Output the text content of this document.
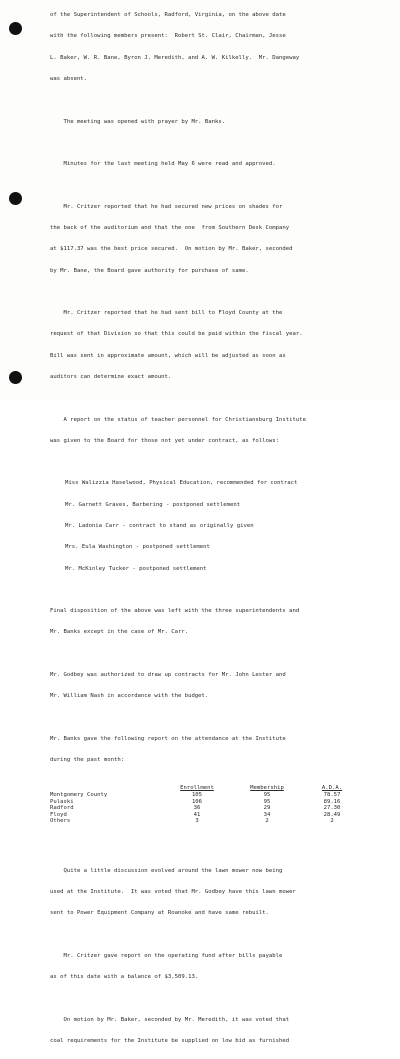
of the Superintendent of Schools, Radford, Virginia, on the above date

with the following members present:  Robert St. Clair, Chairman, Jesse

L. Baker, W. R. Bane, Byron J. Meredith, and A. W. Kilkelly.  Mr. Dangeway

was absent.

The meeting was opened with prayer by Mr. Banks.

Minutes for the last meeting held May 6 were read and approved.

Mr. Critzer reported that he had secured new prices on shades for

the back of the auditorium and that the one  from Southern Desk Company

at $117.37 was the best price secured.  On motion by Mr. Baker, seconded

by Mr. Bane, the Board gave authority for purchase of same.

Mr. Critzer reported that he had sent bill to Floyd County at the

request of that Division so that this could be paid within the fiscal year.

Bill was sent in approximate amount, which will be adjusted as soon as

auditors can determine exact amount.

A report on the status of teacher personnel for Christiansburg Institute

was given to the Board for those not yet under contract, as follows:

Miss Walizzia Haselwood, Physical Education, recommended for contract

Mr. Garnett Graves, Barbering - postponed settlement

Mr. Ladonia Carr - contract to stand as originally given

Mrs. Eula Washington - postponed settlement

Mr. McKinley Tucker - postponed settlement

Final disposition of the above was left with the three superintendents and

Mr. Banks except in the case of Mr. Carr.

Mr. Godbey was authorized to draw up contracts for Mr. John Lester and

Mr. William Nash in accordance with the budget.

Mr. Banks gave the following report on the attendance at the Institute

during the past month:

	Enrollment	Membership	A.D.A.
Montgomery County	105	95	78.57
Pulaski	106	95	89.16
Radford	36	29	27.30
Floyd	41	34	28.49
Others	3	2	2

Quite a little discussion evolved around the lawn mower now being

used at the Institute.  It was voted that Mr. Godbey have this lawn mower

sent to Power Equipment Company at Roanoke and have same rebuilt.

Mr. Critzer gave report on the operating fund after bills payable

as of this date with a balance of $3,509.13.

On motion by Mr. Baker, seconded by Mr. Meredith, it was voted that

coal requirements for the Institute be supplied on low bid as furnished
